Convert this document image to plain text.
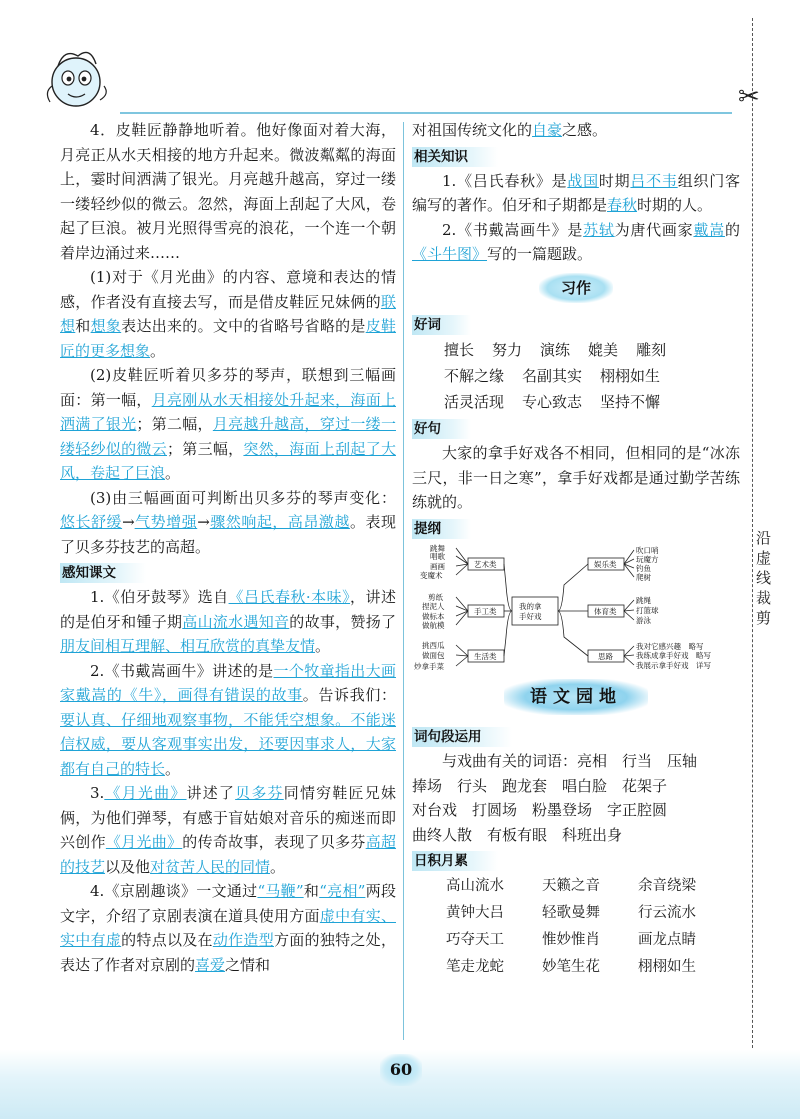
✂
沿虚线裁剪

4．皮鞋匠静静地听着。他好像面对着大海，月亮正从水天相接的地方升起来。微波粼粼的海面上，霎时间洒满了银光。月亮越升越高，穿过一缕一缕轻纱似的微云。忽然，海面上刮起了大风，卷起了巨浪。被月光照得雪亮的浪花，一个连一个朝着岸边涌过来……

(1)对于《月光曲》的内容、意境和表达的情感，作者没有直接去写，而是借皮鞋匠兄妹俩的联想和想象表达出来的。文中的省略号省略的是皮鞋匠的更多想象。

(2)皮鞋匠听着贝多芬的琴声，联想到三幅画面：第一幅，月亮刚从水天相接处升起来，海面上洒满了银光；第二幅，月亮越升越高，穿过一缕一缕轻纱似的微云；第三幅，突然，海面上刮起了大风，卷起了巨浪。

(3)由三幅画面可判断出贝多芬的琴声变化：悠长舒缓→气势增强→骤然响起，高昂激越。表现了贝多芬技艺的高超。

感知课文

1.《伯牙鼓琴》选自《吕氏春秋·本味》，讲述的是伯牙和锺子期高山流水遇知音的故事，赞扬了朋友间相互理解、相互欣赏的真挚友情。

2.《书戴嵩画牛》讲述的是一个牧童指出大画家戴嵩的《牛》，画得有错误的故事。告诉我们：要认真、仔细地观察事物，不能凭空想象。不能迷信权威，要从客观事实出发，还要因事求人，大家都有自己的特长。

3.《月光曲》讲述了贝多芬同情穷鞋匠兄妹俩，为他们弹琴，有感于盲姑娘对音乐的痴迷而即兴创作《月光曲》的传奇故事，表现了贝多芬高超的技艺以及他对贫苦人民的同情。

4.《京剧趣谈》一文通过“马鞭”和“亮相”两段文字，介绍了京剧表演在道具使用方面虚中有实、实中有虚的特点以及在动作造型方面的独特之处，表达了作者对京剧的喜爱之情和

对祖国传统文化的自豪之感。

相关知识

1.《吕氏春秋》是战国时期吕不韦组织门客编写的著作。伯牙和子期都是春秋时期的人。

2.《书戴嵩画牛》是苏轼为唐代画家戴嵩的《斗牛图》写的一篇题跋。

习作
好词
擅长 努力 演练 媲美 雕刻
不解之缘 名副其实 栩栩如生
活灵活现 专心致志 坚持不懈
好句

大家的拿手好戏各不相同，但相同的是“冰冻三尺，非一日之寒”，拿手好戏都是通过勤学苦练练就的。

提纲
我的拿
手好戏
艺术类
手工类
生活类
娱乐类
体育类
思路
跳舞
唱歌
画画
变魔术
剪纸
捏泥人
做标本
做航模
挑西瓜
做面包
炒拿手菜
吹口哨
玩魔方
钓鱼
爬树
跳绳
打篮球
游泳
我对它感兴趣　略写
我练成拿手好戏　略写
我展示拿手好戏　详写
语文园地
词句段运用

与戏曲有关的词语：亮相　行当　压轴

捧场　行头　跑龙套　唱白脸　花架子

对台戏　打圆场　粉墨登场　字正腔圆

曲终人散　有板有眼　科班出身

日积月累
高山流水	天籁之音	余音绕梁
黄钟大吕	轻歌曼舞	行云流水
巧夺天工	惟妙惟肖	画龙点睛
笔走龙蛇	妙笔生花	栩栩如生
60
